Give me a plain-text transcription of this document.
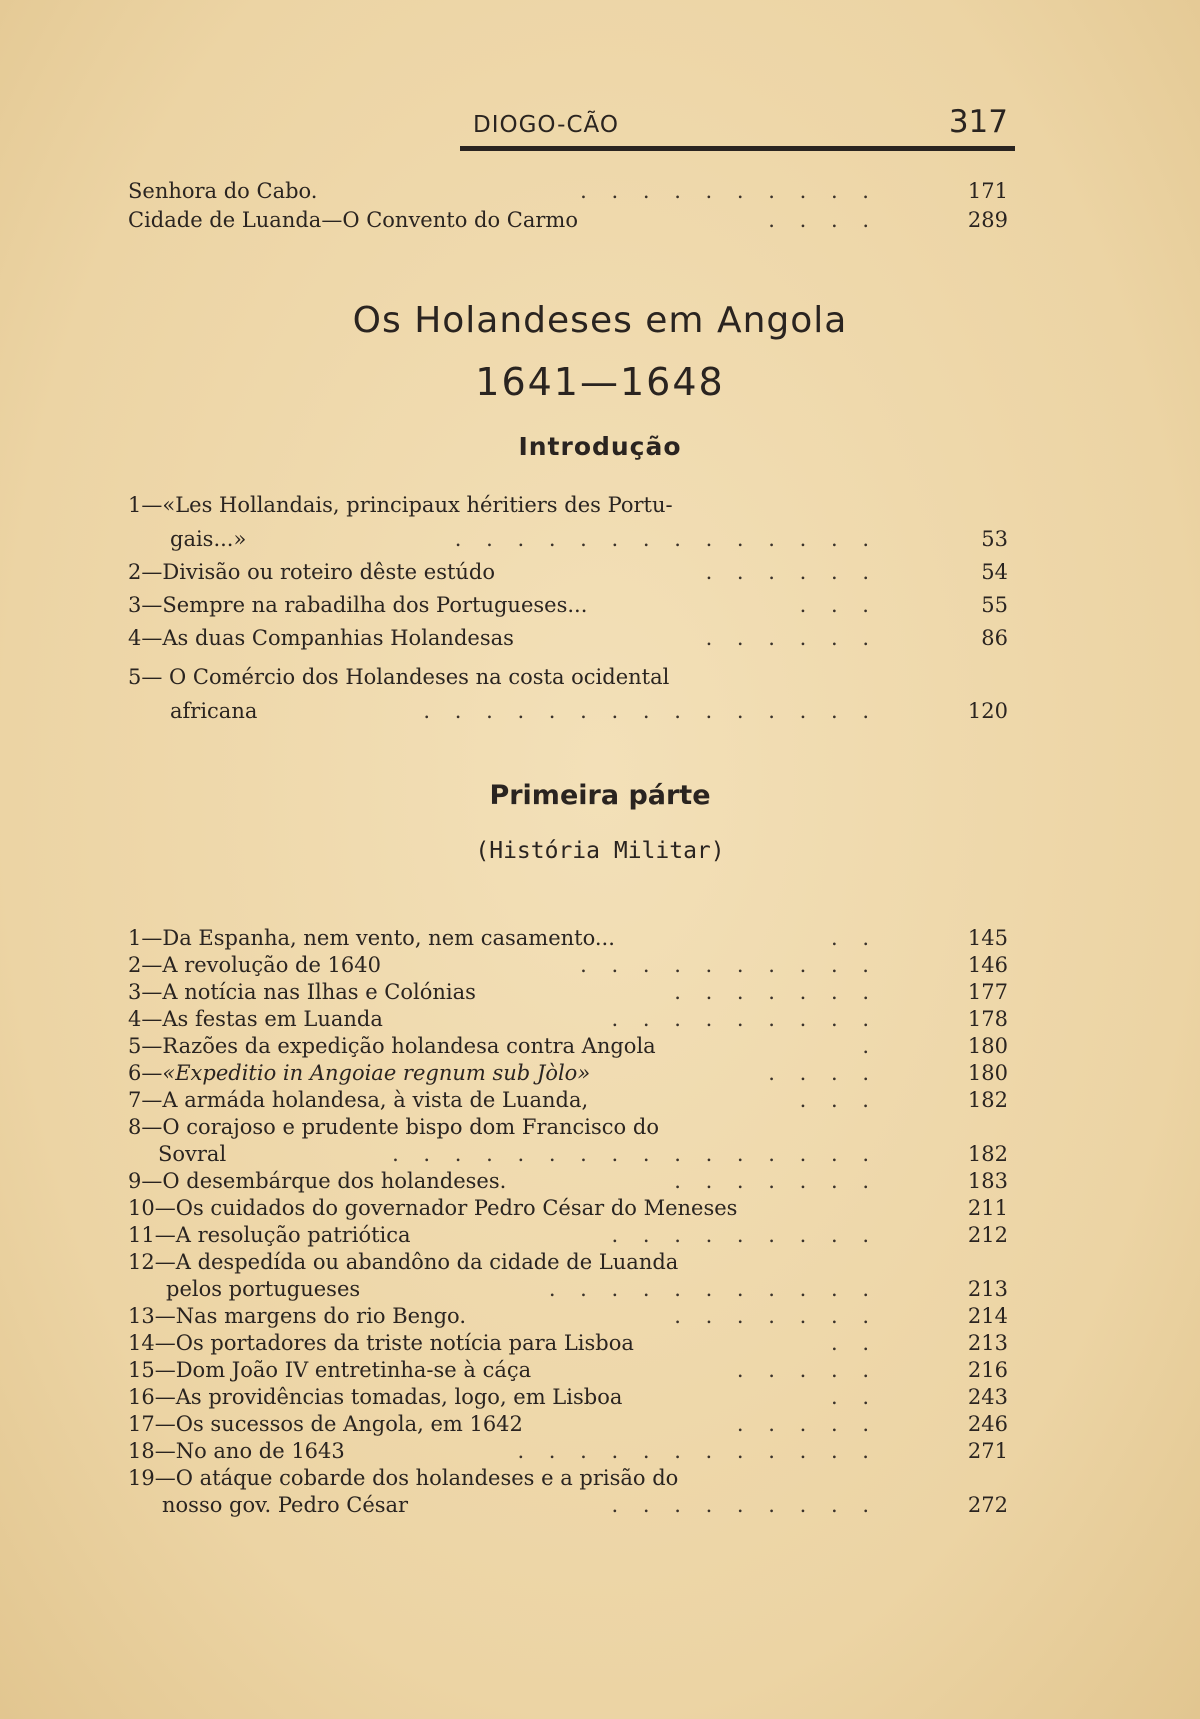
DIOGO-CÃO	317
Senhora do Cabo.	. . . . . . . . . .	171
Cidade de Luanda—O Convento do Carmo	. . . .	289
Os Holandeses em Angola
1641—1648
Introdução
1—«Les Hollandais, principaux héritiers des Portu-
gais...»	. . . . . . . . . . . . . .	53
2—Divisão ou roteiro dêste estúdo	. . . . . .	54
3—Sempre na rabadilha dos Portugueses...	. . .	55
4—As duas Companhias Holandesas	. . . . . .	86
5— O Comércio dos Holandeses na costa ocidental
africana	. . . . . . . . . . . . . . .	120
Primeira párte
(História Militar)
1—Da Espanha, nem vento, nem casamento...	. .	145
2—A revolução de 1640	. . . . . . . . . .	146
3—A notícia nas Ilhas e Colónias	. . . . . . .	177
4—As festas em Luanda	. . . . . . . . .	178
5—Razões da expedição holandesa contra Angola	.	180
6—«Expeditio in Angoiae regnum sub Jòlo»	. . . .	180
7—A armáda holandesa, à vista de Luanda,	. . .	182
8—O corajoso e prudente bispo dom Francisco do
Sovral	. . . . . . . . . . . . . . . .	182
9—O desembárque dos holandeses.	. . . . . . .	183
10—Os cuidados do governador Pedro César do Meneses	211
11—A resolução patriótica	. . . . . . . . .	212
12—A despedída ou abandôno da cidade de Luanda
pelos portugueses	. . . . . . . . . . .	213
13—Nas margens do rio Bengo.	. . . . . . .	214
14—Os portadores da triste notícia para Lisboa	. .	213
15—Dom João IV entretinha-se à cáça	. . . . .	216
16—As providências tomadas, logo, em Lisboa	. .	243
17—Os sucessos de Angola, em 1642	. . . . .	246
18—No ano de 1643	. . . . . . . . . . . .	271
19—O atáque cobarde dos holandeses e a prisão do
nosso gov. Pedro César	. . . . . . . . .	272
